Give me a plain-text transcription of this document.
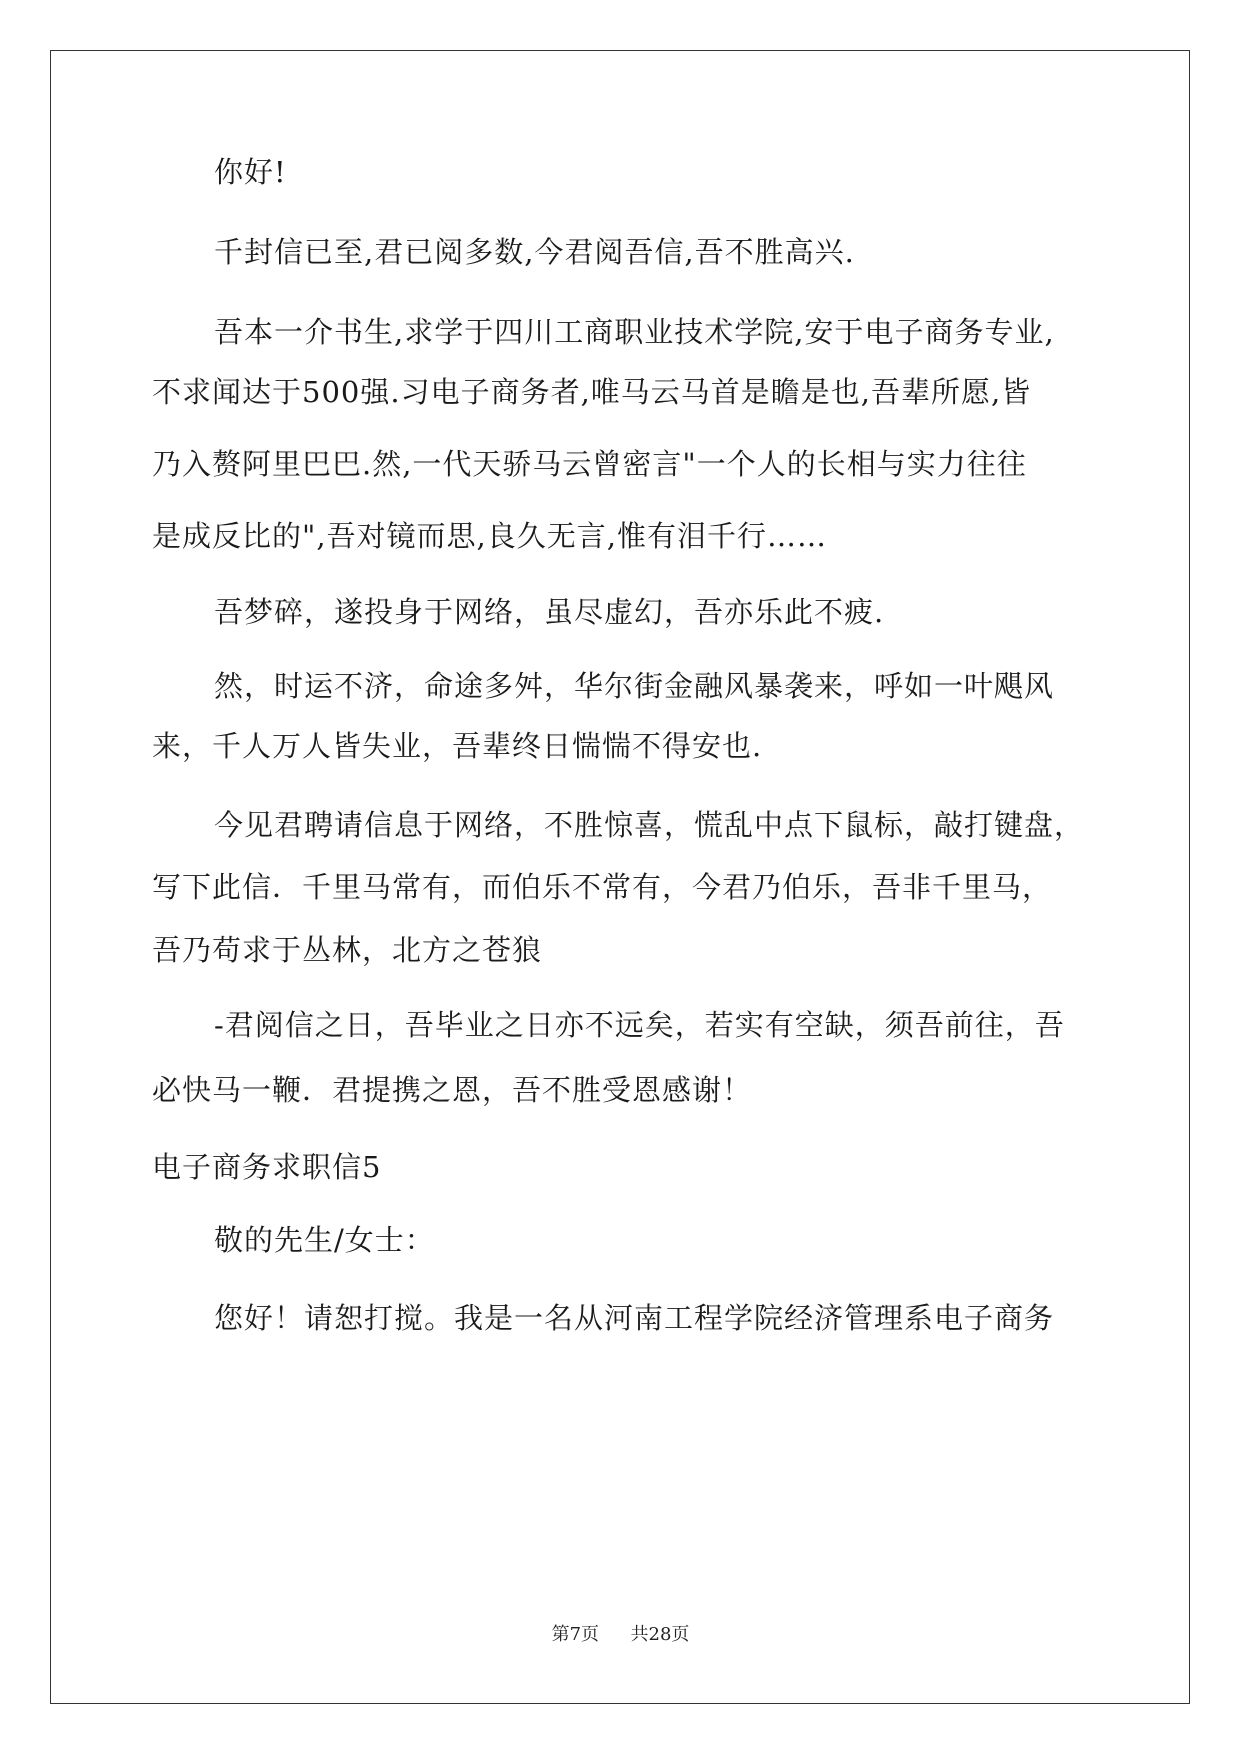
你好!
千封信已至,君已阅多数,今君阅吾信,吾不胜高兴.
吾本一介书生,求学于四川工商职业技术学院,安于电子商务专业,
不求闻达于500强.习电子商务者,唯马云马首是瞻是也,吾辈所愿,皆
乃入赘阿里巴巴.然,一代天骄马云曾密言"一个人的长相与实力往往
是成反比的",吾对镜而思,良久无言,惟有泪千行……
吾梦碎，遂投身于网络，虽尽虚幻，吾亦乐此不疲.
然，时运不济，命途多舛，华尔街金融风暴袭来，呼如一叶飓风
来，千人万人皆失业，吾辈终日惴惴不得安也.
今见君聘请信息于网络，不胜惊喜，慌乱中点下鼠标，敲打键盘，
写下此信．千里马常有，而伯乐不常有，今君乃伯乐，吾非千里马，
吾乃苟求于丛林，北方之苍狼
-君阅信之日，吾毕业之日亦不远矣，若实有空缺，须吾前往，吾
必快马一鞭．君提携之恩，吾不胜受恩感谢！
电子商务求职信5
敬的先生/女士：
您好！请恕打搅。我是一名从河南工程学院经济管理系电子商务
第7页 共28页
